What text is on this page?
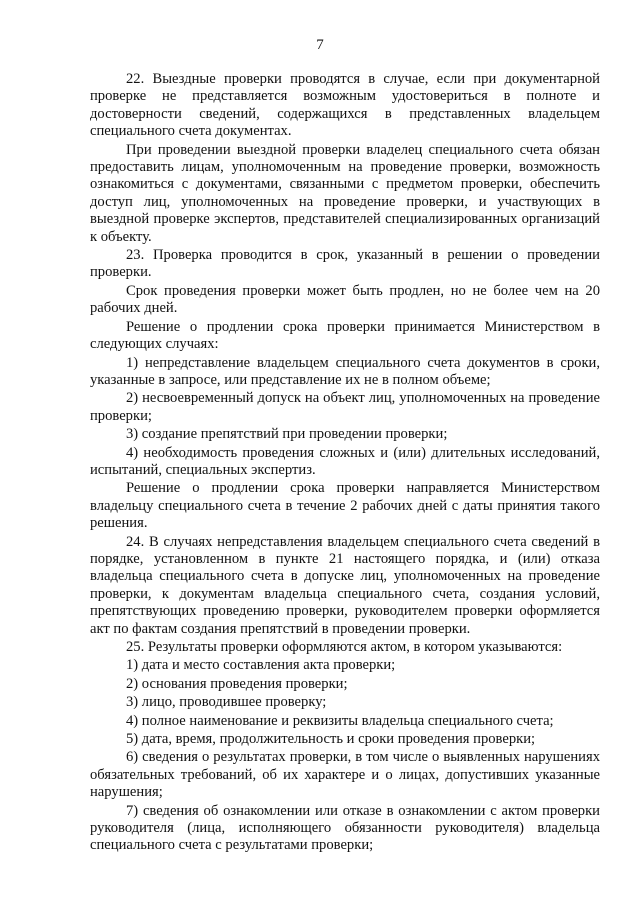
7

22. Выездные проверки проводятся в случае, если при документарной проверке не представляется возможным удостовериться в полноте и достоверности сведений, содержащихся в представленных владельцем специального счета документах.

При проведении выездной проверки владелец специального счета обязан предоставить лицам, уполномоченным на проведение проверки, возможность ознакомиться с документами, связанными с предметом проверки, обеспечить доступ лиц, уполномоченных на проведение проверки, и участвующих в выездной проверке экспертов, представителей специализированных организаций к объекту.

23. Проверка проводится в срок, указанный в решении о проведении проверки.

Срок проведения проверки может быть продлен, но не более чем на 20 рабочих дней.

Решение о продлении срока проверки принимается Министерством в следующих случаях:

1) непредставление владельцем специального счета документов в сроки, указанные в запросе, или представление их не в полном объеме;

2) несвоевременный допуск на объект лиц, уполномоченных на проведение проверки;

3) создание препятствий при проведении проверки;

4) необходимость проведения сложных и (или) длительных исследований, испытаний, специальных экспертиз.

Решение о продлении срока проверки направляется Министерством владельцу специального счета в течение 2 рабочих дней с даты принятия такого решения.

24. В случаях непредставления владельцем специального счета сведений в порядке, установленном в пункте 21 настоящего порядка, и (или) отказа владельца специального счета в допуске лиц, уполномоченных на проведение проверки, к документам владельца специального счета, создания условий, препятствующих проведению проверки, руководителем проверки оформляется акт по фактам создания препятствий в проведении проверки.

25. Результаты проверки оформляются актом, в котором указываются:

1) дата и место составления акта проверки;

2) основания проведения проверки;

3) лицо, проводившее проверку;

4) полное наименование и реквизиты владельца специального счета;

5) дата, время, продолжительность и сроки проведения проверки;

6) сведения о результатах проверки, в том числе о выявленных нарушениях обязательных требований, об их характере и о лицах, допустивших указанные нарушения;

7) сведения об ознакомлении или отказе в ознакомлении с актом проверки руководителя (лица, исполняющего обязанности руководителя) владельца специального счета с результатами проверки;
